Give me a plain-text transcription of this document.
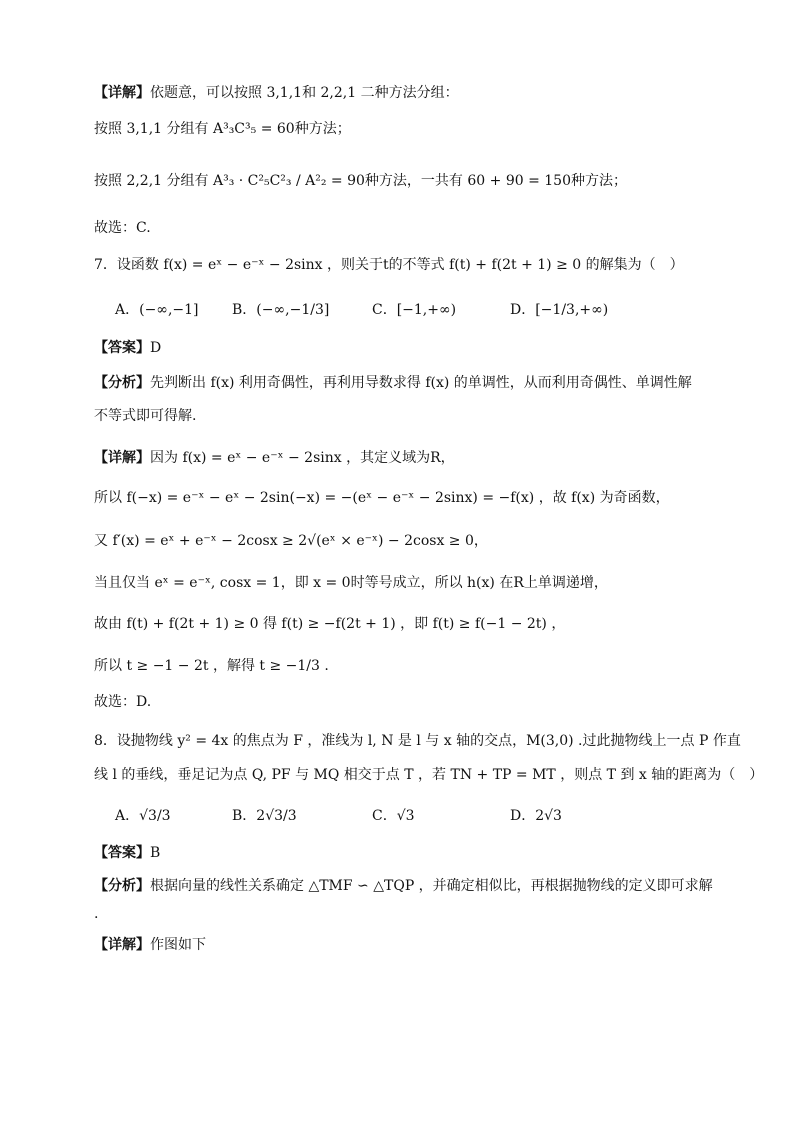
【详解】依题意，可以按照 3,1,1和 2,2,1 二种方法分组：
按照 3,1,1 分组有 A³₃C³₅ = 60种方法；
按照 2,2,1 分组有 A³₃ · C²₅C²₃ / A²₂ = 90种方法，一共有 60 + 90 = 150种方法；
故选：C.
7．设函数 f(x) = eˣ − e⁻ˣ − 2sinx ，则关于t的不等式 f(t) + f(2t + 1) ≥ 0 的解集为（　）
A．(−∞,−1] B．(−∞,−1/3]	C．[−1,+∞)	D．[−1/3,+∞)
【答案】D
【分析】先判断出 f(x) 利用奇偶性，再利用导数求得 f(x) 的单调性，从而利用奇偶性、单调性解
不等式即可得解.
【详解】因为 f(x) = eˣ − e⁻ˣ − 2sinx ，其定义域为R，
所以 f(−x) = e⁻ˣ − eˣ − 2sin(−x) = −(eˣ − e⁻ˣ − 2sinx) = −f(x) ，故 f(x) 为奇函数，
又 f′(x) = eˣ + e⁻ˣ − 2cosx ≥ 2√(eˣ × e⁻ˣ) − 2cosx ≥ 0，
当且仅当 eˣ = e⁻ˣ, cosx = 1，即 x = 0时等号成立，所以 h(x) 在R上单调递增，
故由 f(t) + f(2t + 1) ≥ 0 得 f(t) ≥ −f(2t + 1) ，即 f(t) ≥ f(−1 − 2t) ，
所以 t ≥ −1 − 2t ，解得 t ≥ −1/3 .
故选：D.
8．设抛物线 y² = 4x 的焦点为 F ，准线为 l, N 是 l 与 x 轴的交点，M(3,0) .过此抛物线上一点 P 作直
线 l 的垂线，垂足记为点 Q, PF 与 MQ 相交于点 T ，若 TN + TP = MT ，则点 T 到 x 轴的距离为（　）
A．√3/3	B．2√3/3	C．√3	D．2√3
【答案】B
【分析】根据向量的线性关系确定 △TMF ∽ △TQP ，并确定相似比，再根据抛物线的定义即可求解
.
【详解】作图如下
